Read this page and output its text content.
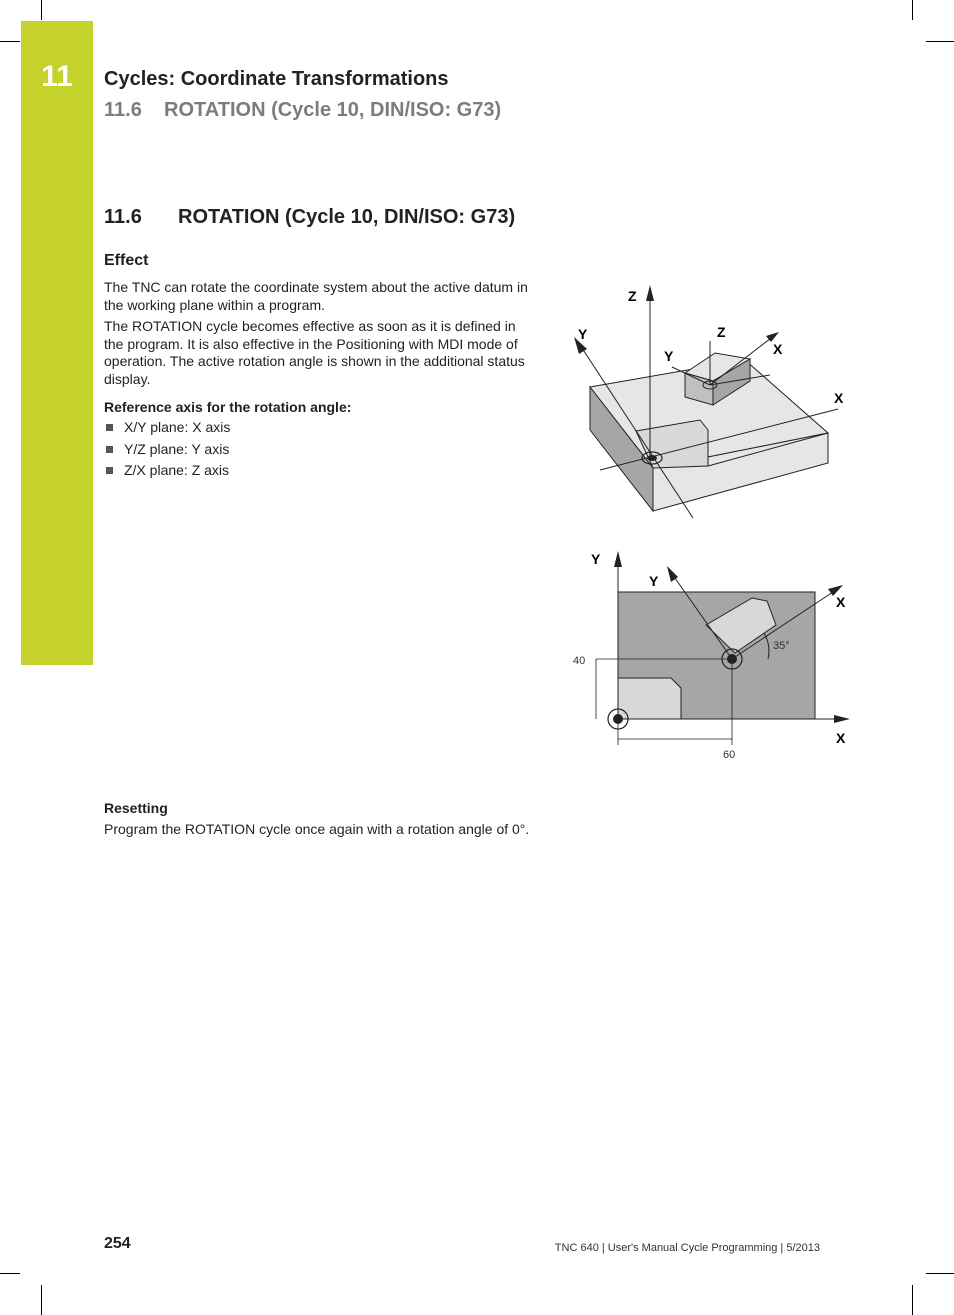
11	Cycles: Coordinate Transformations
11.6    ROTATION (Cycle 10, DIN/ISO: G73)
11.6 ROTATION (Cycle 10, DIN/ISO: G73)
Effect

The TNC can rotate the coordinate system about the active datum in the working plane within a program.

The ROTATION cycle becomes effective as soon as it is defined in the program. It is also effective in the Positioning with MDI mode of operation. The active rotation angle is shown in the additional status display.

Reference axis for the rotation angle:
X/Y plane: X axis
Y/Z plane: Y axis
Z/X plane: Z axis
Z
Y	Z
Y	X
X
Y
Y
X
X
35°
40
60
Resetting

Program the ROTATION cycle once again with a rotation angle of 0°.

254	TNC 640 | User's Manual Cycle Programming | 5/2013
